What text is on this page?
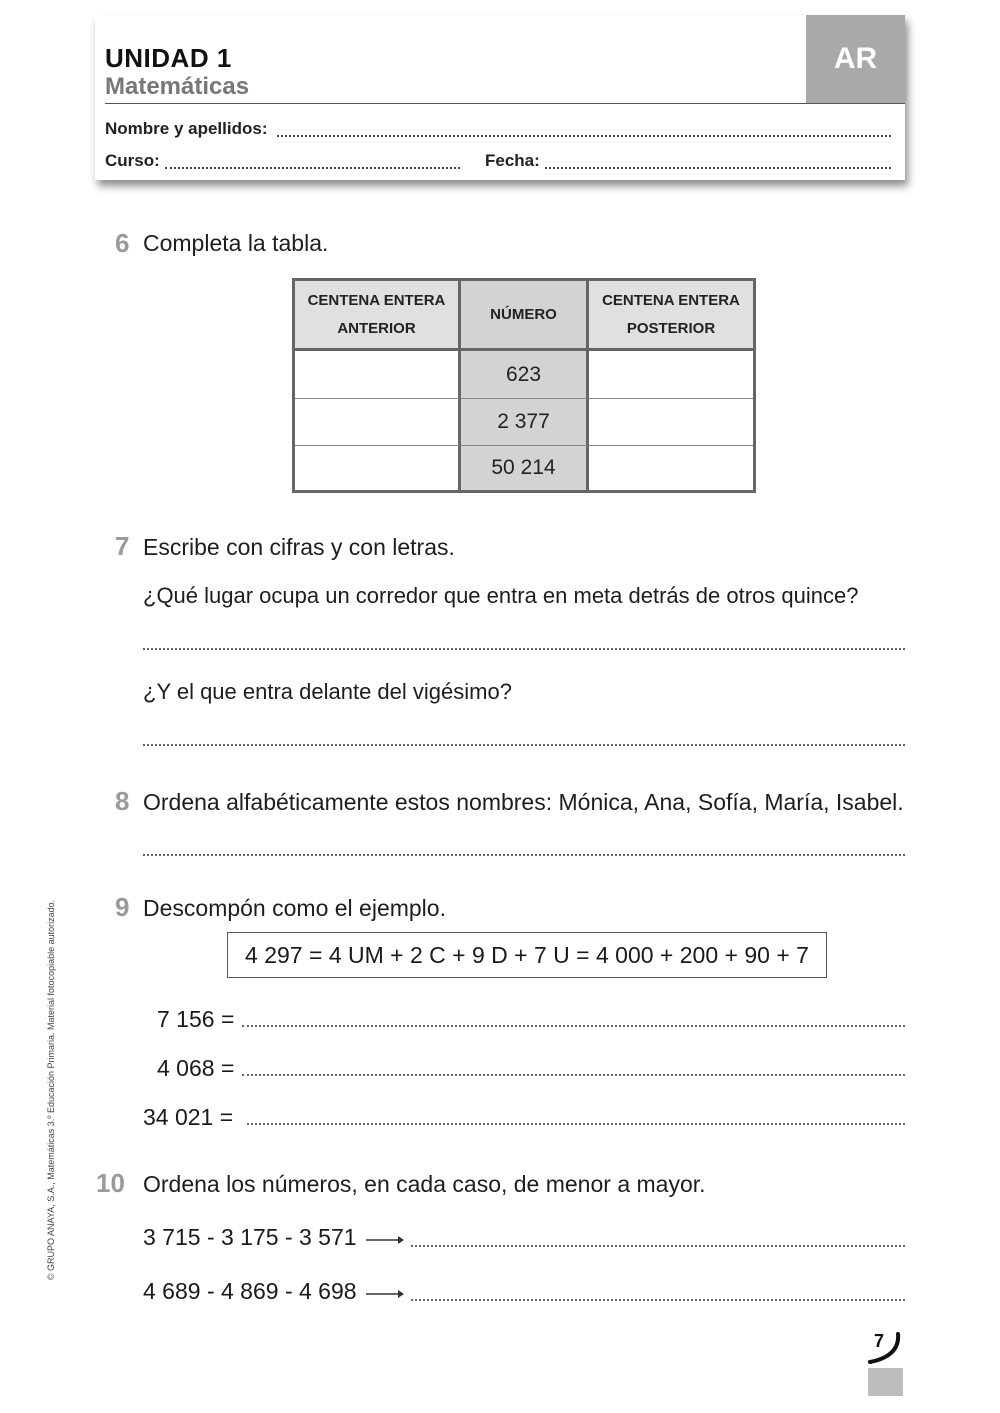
UNIDAD 1
Matemáticas
AR
Nombre y apellidos:
Curso:	Fecha:
6 Completa la tabla.
CENTENA ENTERA
ANTERIOR
NÚMERO
CENTENA ENTERA
POSTERIOR
623
2 377
50 214
7 Escribe con cifras y con letras.
¿Qué lugar ocupa un corredor que entra en meta detrás de otros quince?
¿Y el que entra delante del vigésimo?
8 Ordena alfabéticamente estos nombres: Mónica, Ana, Sofía, María, Isabel.
9 Descompón como el ejemplo.
4 297 = 4 UM + 2 C + 9 D + 7 U = 4 000 + 200 + 90 + 7
7 156 =
4 068 =
34 021 =
10 Ordena los números, en cada caso, de menor a mayor.
3 715 - 3 175 - 3 571
4 689 - 4 869 - 4 698
© GRUPO ANAYA, S.A., Matemáticas 3.º Educación Primaria. Material fotocopiable autorizado.
7
